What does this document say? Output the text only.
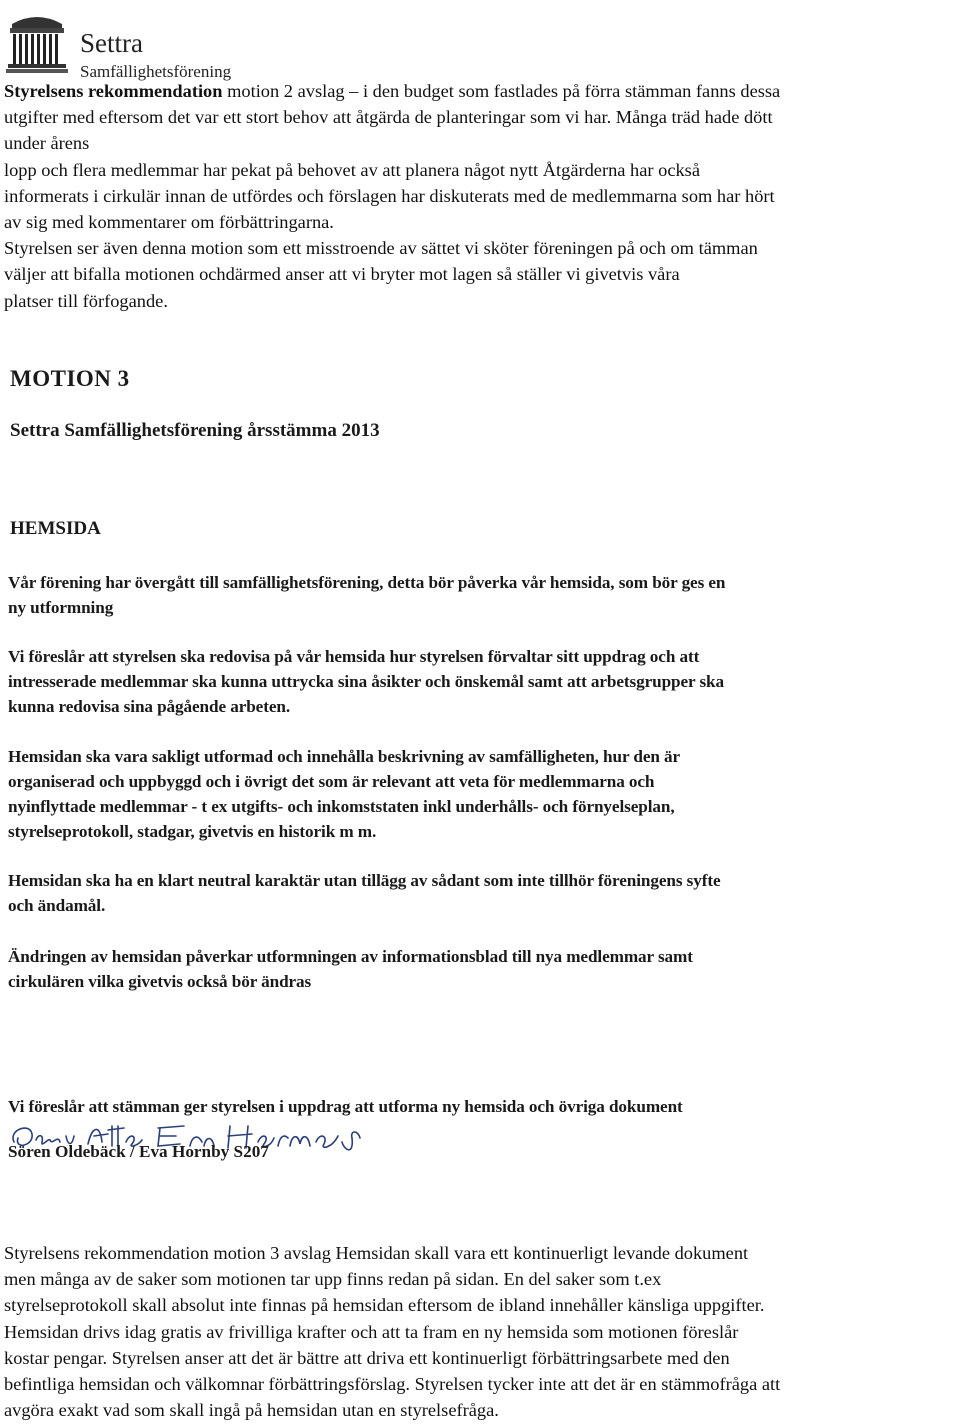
Settra
Samfällighetsförening

Styrelsens rekommendation motion 2 avslag – i den budget som fastlades på förra stämman fanns dessa

utgifter med eftersom det var ett stort behov att åtgärda de planteringar som vi har. Många träd hade dött

under årens

lopp och flera medlemmar har pekat på behovet av att planera något nytt Åtgärderna har också

informerats i cirkulär innan de utfördes och förslagen har diskuterats med de medlemmarna som har hört

av sig med kommentarer om förbättringarna.

Styrelsen ser även denna motion som ett misstroende av sättet vi sköter föreningen på och om tämman

väljer att bifalla motionen ochdärmed anser att vi bryter mot lagen så ställer vi givetvis våra

platser till förfogande.

MOTION 3

Settra Samfällighetsförening årsstämma 2013

HEMSIDA

Vår förening har övergått till samfällighetsförening, detta bör påverka vår hemsida, som bör ges en
ny utformning
Vi föreslår att styrelsen ska redovisa på vår hemsida hur styrelsen förvaltar sitt uppdrag och att
intresserade medlemmar ska kunna uttrycka sina åsikter och önskemål samt att arbetsgrupper ska
kunna redovisa sina pågående arbeten.
Hemsidan ska vara sakligt utformad och innehålla beskrivning av samfälligheten, hur den är
organiserad och uppbyggd och i övrigt det som är relevant att veta för medlemmarna och
nyinflyttade medlemmar - t ex utgifts- och inkomststaten inkl underhålls- och förnyelseplan,
styrelseprotokoll, stadgar, givetvis en historik m m.
Hemsidan ska ha en klart neutral karaktär utan tillägg av sådant som inte tillhör föreningens syfte
och ändamål.
Ändringen av hemsidan påverkar utformningen av informationsblad till nya medlemmar samt
cirkulären vilka givetvis också bör ändras
Vi föreslår att stämman ger styrelsen i uppdrag att utforma ny hemsida och övriga dokument

Sören Oldebäck / Eva Hornby S207

Styrelsens rekommendation motion 3 avslag Hemsidan skall vara ett kontinuerligt levande dokument

men många av de saker som motionen tar upp finns redan på sidan. En del saker som t.ex

styrelseprotokoll skall absolut inte finnas på hemsidan eftersom de ibland innehåller känsliga uppgifter.

Hemsidan drivs idag gratis av frivilliga krafter och att ta fram en ny hemsida som motionen föreslår

kostar pengar. Styrelsen anser att det är bättre att driva ett kontinuerligt förbättringsarbete med den

befintliga hemsidan och välkomnar förbättringsförslag. Styrelsen tycker inte att det är en stämmofråga att

avgöra exakt vad som skall ingå på hemsidan utan en styrelsefråga.
